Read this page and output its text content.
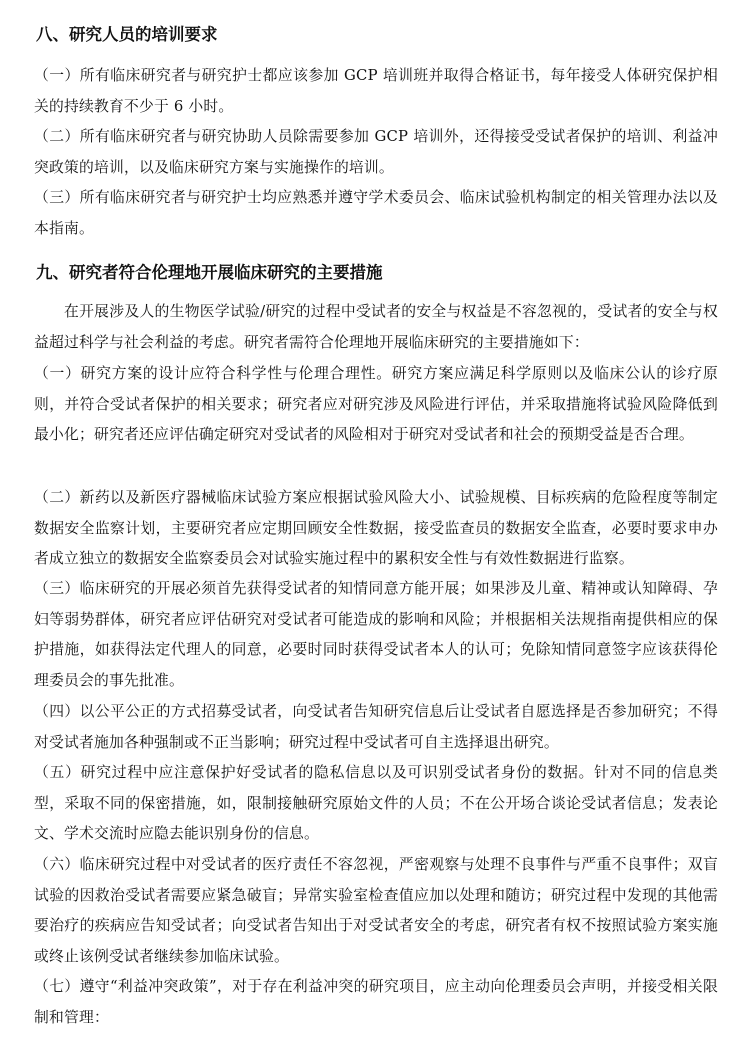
八、研究人员的培训要求

（一）所有临床研究者与研究护士都应该参加 GCP 培训班并取得合格证书，每年接受人体研究保护相关的持续教育不少于 6 小时。

（二）所有临床研究者与研究协助人员除需要参加 GCP 培训外，还得接受受试者保护的培训、利益冲突政策的培训，以及临床研究方案与实施操作的培训。

（三）所有临床研究者与研究护士均应熟悉并遵守学术委员会、临床试验机构制定的相关管理办法以及本指南。

九、研究者符合伦理地开展临床研究的主要措施

在开展涉及人的生物医学试验/研究的过程中受试者的安全与权益是不容忽视的，受试者的安全与权益超过科学与社会利益的考虑。研究者需符合伦理地开展临床研究的主要措施如下：

（一）研究方案的设计应符合科学性与伦理合理性。研究方案应满足科学原则以及临床公认的诊疗原则，并符合受试者保护的相关要求；研究者应对研究涉及风险进行评估，并采取措施将试验风险降低到最小化；研究者还应评估确定研究对受试者的风险相对于研究对受试者和社会的预期受益是否合理。

（二）新药以及新医疗器械临床试验方案应根据试验风险大小、试验规模、目标疾病的危险程度等制定数据安全监察计划，主要研究者应定期回顾安全性数据，接受监查员的数据安全监查，必要时要求申办者成立独立的数据安全监察委员会对试验实施过程中的累积安全性与有效性数据进行监察。

（三）临床研究的开展必须首先获得受试者的知情同意方能开展；如果涉及儿童、精神或认知障碍、孕妇等弱势群体，研究者应评估研究对受试者可能造成的影响和风险；并根据相关法规指南提供相应的保护措施，如获得法定代理人的同意，必要时同时获得受试者本人的认可；免除知情同意签字应该获得伦理委员会的事先批准。

（四）以公平公正的方式招募受试者，向受试者告知研究信息后让受试者自愿选择是否参加研究；不得对受试者施加各种强制或不正当影响；研究过程中受试者可自主选择退出研究。

（五）研究过程中应注意保护好受试者的隐私信息以及可识别受试者身份的数据。针对不同的信息类型，采取不同的保密措施，如，限制接触研究原始文件的人员；不在公开场合谈论受试者信息；发表论文、学术交流时应隐去能识别身份的信息。

（六）临床研究过程中对受试者的医疗责任不容忽视，严密观察与处理不良事件与严重不良事件；双盲试验的因救治受试者需要应紧急破盲；异常实验室检查值应加以处理和随访；研究过程中发现的其他需要治疗的疾病应告知受试者；向受试者告知出于对受试者安全的考虑，研究者有权不按照试验方案实施或终止该例受试者继续参加临床试验。

（七）遵守“利益冲突政策”，对于存在利益冲突的研究项目，应主动向伦理委员会声明，并接受相关限制和管理：
